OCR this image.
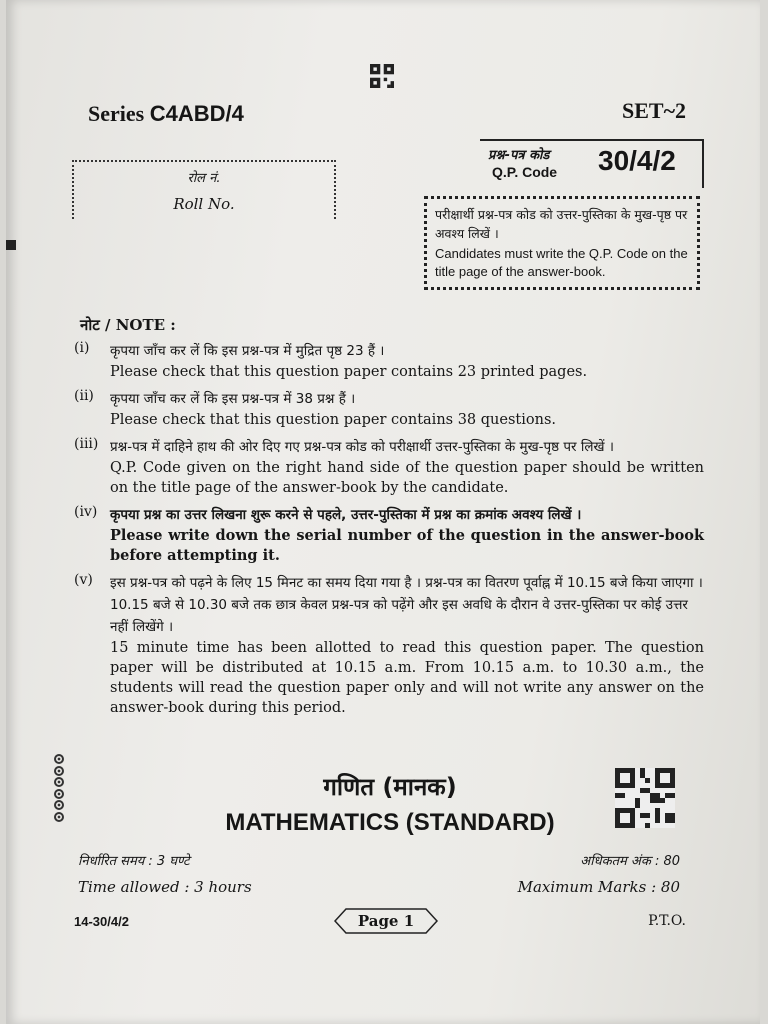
Series C4ABD/4	SET~2
प्रश्न-पत्र कोड
Q.P. Code 30/4/2
रोल नं.
Roll No.
परीक्षार्थी प्रश्न-पत्र कोड को उत्तर-पुस्तिका के मुख-पृष्ठ पर अवश्य लिखें ।
Candidates must write the Q.P. Code on the title page of the answer-book.
नोट / NOTE :
(i) कृपया जाँच कर लें कि इस प्रश्न-पत्र में मुद्रित पृष्ठ 23 हैं ।
Please check that this question paper contains 23 printed pages.
(ii) कृपया जाँच कर लें कि इस प्रश्न-पत्र में 38 प्रश्न हैं ।
Please check that this question paper contains 38 questions.
(iii) प्रश्न-पत्र में दाहिने हाथ की ओर दिए गए प्रश्न-पत्र कोड को परीक्षार्थी उत्तर-पुस्तिका के मुख-पृष्ठ पर लिखें ।
Q.P. Code given on the right hand side of the question paper should be written on the title page of the answer-book by the candidate.
(iv) कृपया प्रश्न का उत्तर लिखना शुरू करने से पहले, उत्तर-पुस्तिका में प्रश्न का क्रमांक अवश्य लिखें ।
Please write down the serial number of the question in the answer-book before attempting it.
(v) इस प्रश्न-पत्र को पढ़ने के लिए 15 मिनट का समय दिया गया है । प्रश्न-पत्र का वितरण पूर्वाह्न में 10.15 बजे किया जाएगा । 10.15 बजे से 10.30 बजे तक छात्र केवल प्रश्न-पत्र को पढ़ेंगे और इस अवधि के दौरान वे उत्तर-पुस्तिका पर कोई उत्तर नहीं लिखेंगे ।
15 minute time has been allotted to read this question paper. The question paper will be distributed at 10.15 a.m. From 10.15 a.m. to 10.30 a.m., the students will read the question paper only and will not write any answer on the answer-book during this period.
गणित (मानक)
MATHEMATICS (STANDARD)
निर्धारित समय : 3 घण्टे	अधिकतम अंक : 80
Time allowed : 3 hours	Maximum Marks : 80
14-30/4/2	Page 1	P.T.O.
